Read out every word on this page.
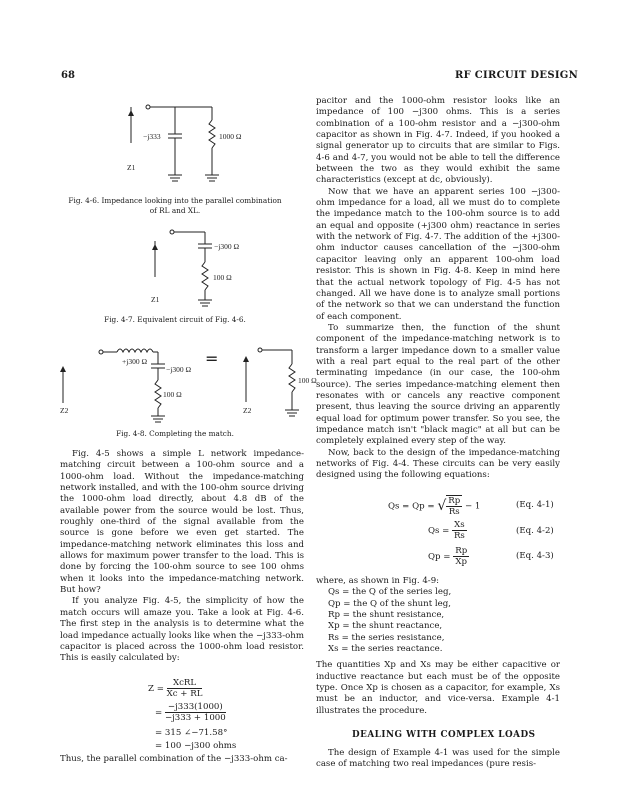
68	RF CIRCUIT DESIGN
−j333	1000 Ω
Z1
−j300 Ω
100 Ω
Z1
+j300 Ω
−j300 Ω
100 Ω
100 Ω
Z2	Z2
=
Fig. 4-6. Impedance looking into the parallel combination of RL and XL.
Fig. 4-7. Equivalent circuit of Fig. 4-6.
Fig. 4-8. Completing the match.

Fig. 4-5 shows a simple L network impedance-matching circuit between a 100-ohm source and a 1000-ohm load. Without the impedance-matching network installed, and with the 100-ohm source driving the 1000-ohm load directly, about 4.8 dB of the available power from the source would be lost. Thus, roughly one-third of the signal available from the source is gone before we even get started. The impedance-matching network eliminates this loss and allows for maximum power transfer to the load. This is done by forcing the 100-ohm source to see 100 ohms when it looks into the impedance-matching network. But how?

If you analyze Fig. 4-5, the simplicity of how the match occurs will amaze you. Take a look at Fig. 4-6. The first step in the analysis is to determine what the load impedance actually looks like when the −j333-ohm capacitor is placed across the 1000-ohm load resistor. This is easily calculated by:

$Z = \frac{\text{XcRL}}{Xc + RL}$
= $\frac{-j333(1000)}{-j333 + 1000}$
= 315 ∠−71.58°
= 100 −j300 ohms

Thus, the parallel combination of the −j333-ohm ca-

pacitor and the 1000-ohm resistor looks like an impedance of 100 −j300 ohms. This is a series combination of a 100-ohm resistor and a −j300-ohm capacitor as shown in Fig. 4-7. Indeed, if you hooked a signal generator up to circuits that are similar to Figs. 4-6 and 4-7, you would not be able to tell the difference between the two as they would exhibit the same characteristics (except at dc, obviously).

Now that we have an apparent series 100 −j300-ohm impedance for a load, all we must do to complete the impedance match to the 100-ohm source is to add an equal and opposite (+j300 ohm) reactance in series with the network of Fig. 4-7. The addition of the +j300-ohm inductor causes cancellation of the −j300-ohm capacitor leaving only an apparent 100-ohm load resistor. This is shown in Fig. 4-8. Keep in mind here that the actual network topology of Fig. 4-5 has not changed. All we have done is to analyze small portions of the network so that we can understand the function of each component.

To summarize then, the function of the shunt component of the impedance-matching network is to transform a larger impedance down to a smaller value with a real part equal to the real part of the other terminating impedance (in our case, the 100-ohm source). The series impedance-matching element then resonates with or cancels any reactive component present, thus leaving the source driving an apparently equal load for optimum power transfer. So you see, the impedance match isn't "black magic" at all but can be completely explained every step of the way.

Now, back to the design of the impedance-matching networks of Fig. 4-4. These circuits can be very easily designed using the following equations:

Qs = Qp = √ $\frac{Rp}{Rs} - 1$	(Eq. 4-1)
$Qs = \frac{Xs}{Rs}$	(Eq. 4-2)
$Qp = \frac{Rp}{Xp}$	(Eq. 4-3)

where, as shown in Fig. 4-9:

Qs = the Q of the series leg,
Qp = the Q of the shunt leg,
Rp = the shunt resistance,
Xp = the shunt reactance,
Rs = the series resistance,
Xs = the series reactance.

The quantities Xp and Xs may be either capacitive or inductive reactance but each must be of the opposite type. Once Xp is chosen as a capacitor, for example, Xs must be an inductor, and vice-versa. Example 4-1 illustrates the procedure.

DEALING WITH COMPLEX LOADS

The design of Example 4-1 was used for the simple case of matching two real impedances (pure resis-
